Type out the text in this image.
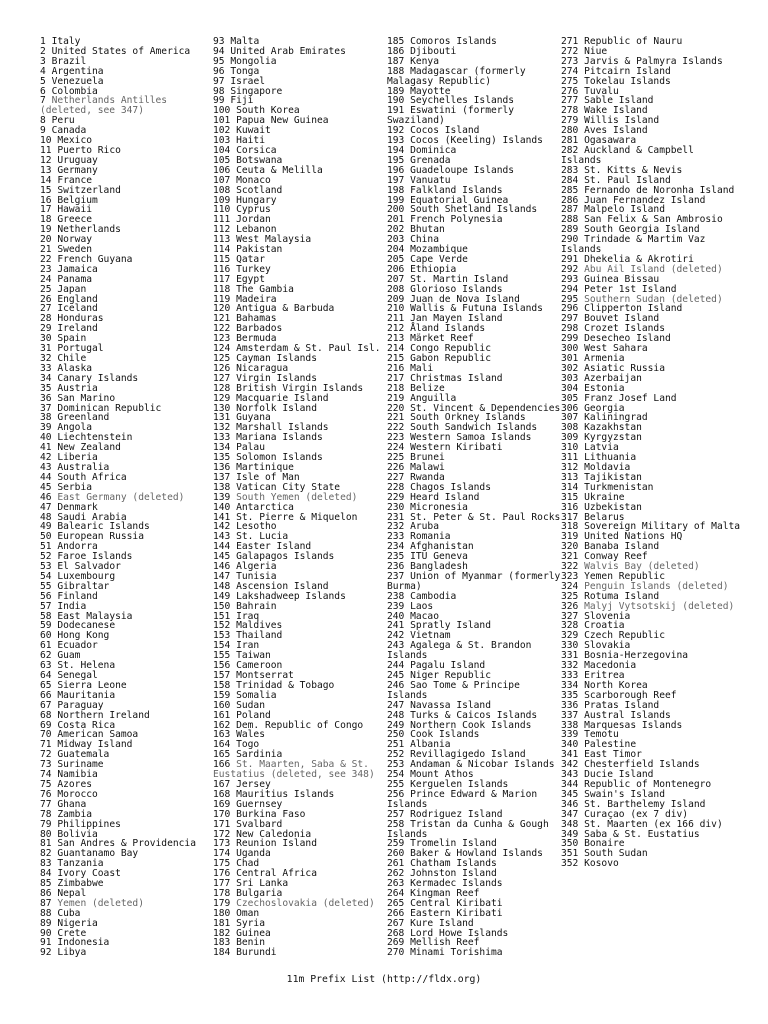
1 Italy
2 United States of America
3 Brazil
4 Argentina
5 Venezuela
6 Colombia
7 Netherlands Antilles
(deleted, see 347)
8 Peru
9 Canada
10 Mexico
11 Puerto Rico
12 Uruguay
13 Germany
14 France
15 Switzerland
16 Belgium
17 Hawaii
18 Greece
19 Netherlands
20 Norway
21 Sweden
22 French Guyana
23 Jamaica
24 Panama
25 Japan
26 England
27 Iceland
28 Honduras
29 Ireland
30 Spain
31 Portugal
32 Chile
33 Alaska
34 Canary Islands
35 Austria
36 San Marino
37 Dominican Republic
38 Greenland
39 Angola
40 Liechtenstein
41 New Zealand
42 Liberia
43 Australia
44 South Africa
45 Serbia
46 East Germany (deleted)
47 Denmark
48 Saudi Arabia
49 Balearic Islands
50 European Russia
51 Andorra
52 Faroe Islands
53 El Salvador
54 Luxembourg
55 Gibraltar
56 Finland
57 India
58 East Malaysia
59 Dodecanese
60 Hong Kong
61 Ecuador
62 Guam
63 St. Helena
64 Senegal
65 Sierra Leone
66 Mauritania
67 Paraguay
68 Northern Ireland
69 Costa Rica
70 American Samoa
71 Midway Island
72 Guatemala
73 Suriname
74 Namibia
75 Azores
76 Morocco
77 Ghana
78 Zambia
79 Philippines
80 Bolivia
81 San Andres & Providencia
82 Guantanamo Bay
83 Tanzania
84 Ivory Coast
85 Zimbabwe
86 Nepal
87 Yemen (deleted)
88 Cuba
89 Nigeria
90 Crete
91 Indonesia
92 Libya
93 Malta
94 United Arab Emirates
95 Mongolia
96 Tonga
97 Israel
98 Singapore
99 Fiji
100 South Korea
101 Papua New Guinea
102 Kuwait
103 Haiti
104 Corsica
105 Botswana
106 Ceuta & Melilla
107 Monaco
108 Scotland
109 Hungary
110 Cyprus
111 Jordan
112 Lebanon
113 West Malaysia
114 Pakistan
115 Qatar
116 Turkey
117 Egypt
118 The Gambia
119 Madeira
120 Antigua & Barbuda
121 Bahamas
122 Barbados
123 Bermuda
124 Amsterdam & St. Paul Isl.
125 Cayman Islands
126 Nicaragua
127 Virgin Islands
128 British Virgin Islands
129 Macquarie Island
130 Norfolk Island
131 Guyana
132 Marshall Islands
133 Mariana Islands
134 Palau
135 Solomon Islands
136 Martinique
137 Isle of Man
138 Vatican City State
139 South Yemen (deleted)
140 Antarctica
141 St. Pierre & Miquelon
142 Lesotho
143 St. Lucia
144 Easter Island
145 Galapagos Islands
146 Algeria
147 Tunisia
148 Ascension Island
149 Lakshadweep Islands
150 Bahrain
151 Iraq
152 Maldives
153 Thailand
154 Iran
155 Taiwan
156 Cameroon
157 Montserrat
158 Trinidad & Tobago
159 Somalia
160 Sudan
161 Poland
162 Dem. Republic of Congo
163 Wales
164 Togo
165 Sardinia
166 St. Maarten, Saba & St.
Eustatius (deleted, see 348)
167 Jersey
168 Mauritius Islands
169 Guernsey
170 Burkina Faso
171 Svalbard
172 New Caledonia
173 Reunion Island
174 Uganda
175 Chad
176 Central Africa
177 Sri Lanka
178 Bulgaria
179 Czechoslovakia (deleted)
180 Oman
181 Syria
182 Guinea
183 Benin
184 Burundi
185 Comoros Islands
186 Djibouti
187 Kenya
188 Madagascar (formerly
Malagasy Republic)
189 Mayotte
190 Seychelles Islands
191 Eswatini (formerly
Swaziland)
192 Cocos Island
193 Cocos (Keeling) Islands
194 Dominica
195 Grenada
196 Guadeloupe Islands
197 Vanuatu
198 Falkland Islands
199 Equatorial Guinea
200 South Shetland Islands
201 French Polynesia
202 Bhutan
203 China
204 Mozambique
205 Cape Verde
206 Ethiopia
207 St. Martin Island
208 Glorioso Islands
209 Juan de Nova Island
210 Wallis & Futuna Islands
211 Jan Mayen Island
212 Åland Islands
213 Märket Reef
214 Congo Republic
215 Gabon Republic
216 Mali
217 Christmas Island
218 Belize
219 Anguilla
220 St. Vincent & Dependencies
221 South Orkney Islands
222 South Sandwich Islands
223 Western Samoa Islands
224 Western Kiribati
225 Brunei
226 Malawi
227 Rwanda
228 Chagos Islands
229 Heard Island
230 Micronesia
231 St. Peter & St. Paul Rocks
232 Aruba
233 Romania
234 Afghanistan
235 ITU Geneva
236 Bangladesh
237 Union of Myanmar (formerly
Burma)
238 Cambodia
239 Laos
240 Macao
241 Spratly Island
242 Vietnam
243 Agalega & St. Brandon
Islands
244 Pagalu Island
245 Niger Republic
246 Sao Tome & Principe
Islands
247 Navassa Island
248 Turks & Caicos Islands
249 Northern Cook Islands
250 Cook Islands
251 Albania
252 Revillagigedo Island
253 Andaman & Nicobar Islands
254 Mount Athos
255 Kerguelen Islands
256 Prince Edward & Marion
Islands
257 Rodriguez Island
258 Tristan da Cunha & Gough
Islands
259 Tromelin Island
260 Baker & Howland Islands
261 Chatham Islands
262 Johnston Island
263 Kermadec Islands
264 Kingman Reef
265 Central Kiribati
266 Eastern Kiribati
267 Kure Island
268 Lord Howe Islands
269 Mellish Reef
270 Minami Torishima
271 Republic of Nauru
272 Niue
273 Jarvis & Palmyra Islands
274 Pitcairn Island
275 Tokelau Islands
276 Tuvalu
277 Sable Island
278 Wake Island
279 Willis Island
280 Aves Island
281 Ogasawara
282 Auckland & Campbell
Islands
283 St. Kitts & Nevis
284 St. Paul Island
285 Fernando de Noronha Island
286 Juan Fernandez Island
287 Malpelo Island
288 San Felix & San Ambrosio
289 South Georgia Island
290 Trindade & Martim Vaz
Islands
291 Dhekelia & Akrotiri
292 Abu Ail Island (deleted)
293 Guinea Bissau
294 Peter 1st Island
295 Southern Sudan (deleted)
296 Clipperton Island
297 Bouvet Island
298 Crozet Islands
299 Desecheo Island
300 West Sahara
301 Armenia
302 Asiatic Russia
303 Azerbaijan
304 Estonia
305 Franz Josef Land
306 Georgia
307 Kaliningrad
308 Kazakhstan
309 Kyrgyzstan
310 Latvia
311 Lithuania
312 Moldavia
313 Tajikistan
314 Turkmenistan
315 Ukraine
316 Uzbekistan
317 Belarus
318 Sovereign Military of Malta
319 United Nations HQ
320 Banaba Island
321 Conway Reef
322 Walvis Bay (deleted)
323 Yemen Republic
324 Penguin Islands (deleted)
325 Rotuma Island
326 Malyj Vytsotskij (deleted)
327 Slovenia
328 Croatia
329 Czech Republic
330 Slovakia
331 Bosnia-Herzegovina
332 Macedonia
333 Eritrea
334 North Korea
335 Scarborough Reef
336 Pratas Island
337 Austral Islands
338 Marquesas Islands
339 Temotu
340 Palestine
341 East Timor
342 Chesterfield Islands
343 Ducie Island
344 Republic of Montenegro
345 Swain's Island
346 St. Barthelemy Island
347 Curaçao (ex 7 div)
348 St. Maarten (ex 166 div)
349 Saba & St. Eustatius
350 Bonaire
351 South Sudan
352 Kosovo
11m Prefix List (http://fldx.org)
